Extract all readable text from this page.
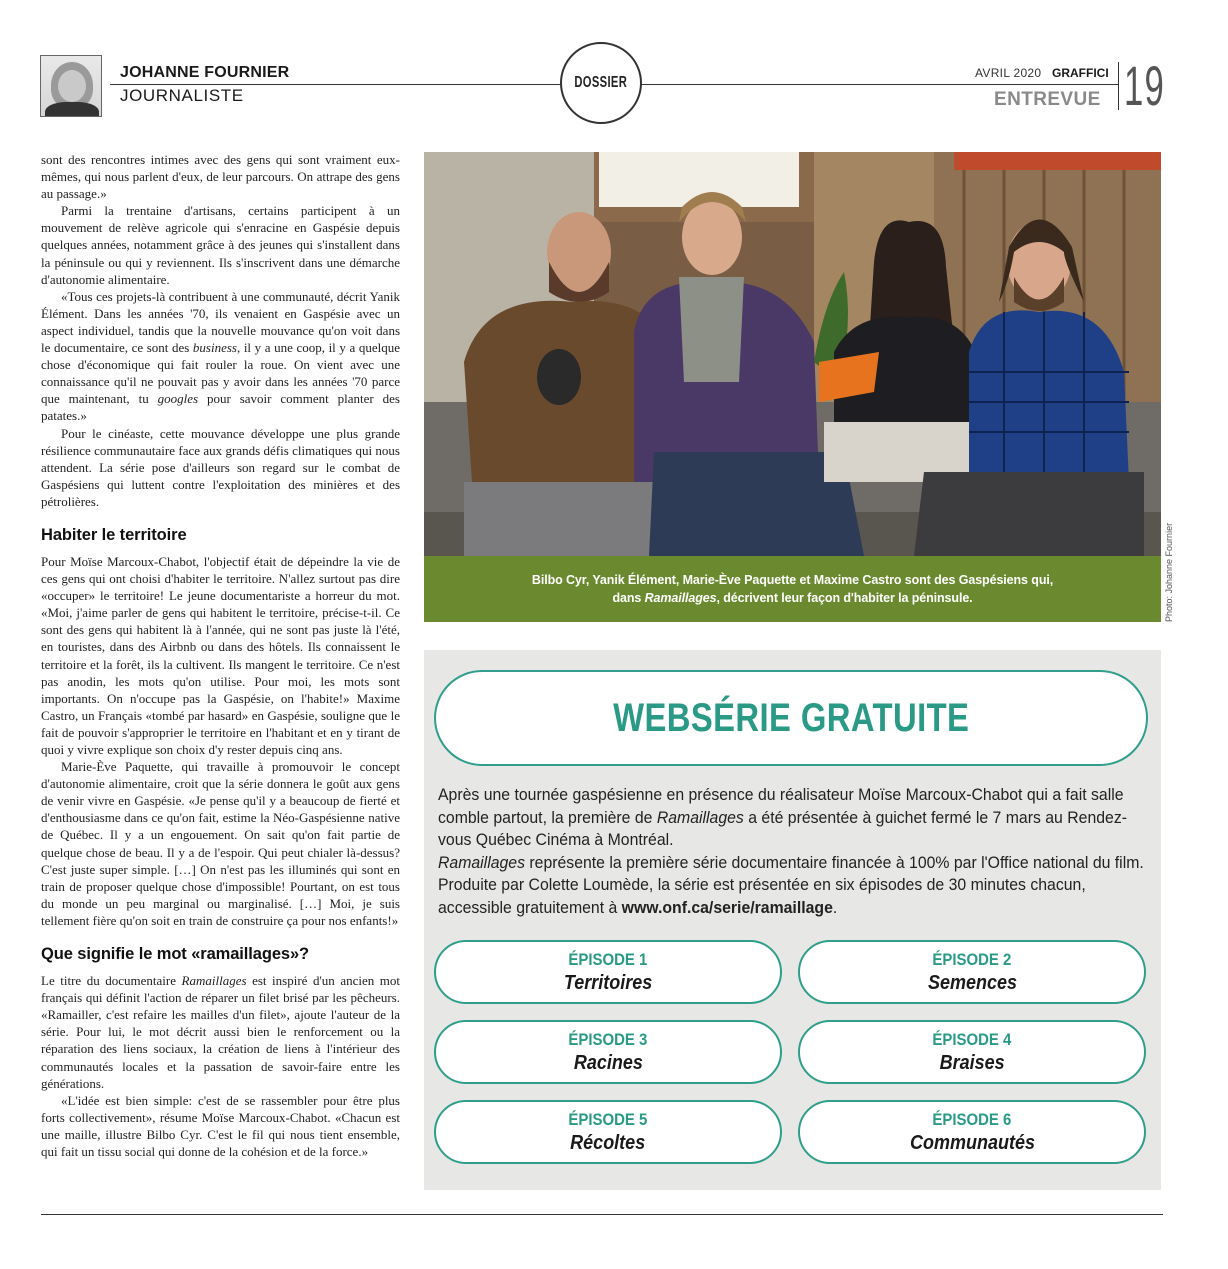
JOHANNE FOURNIER
JOURNALISTE
DOSSIER
AVRIL 2020 GRAFFICI
ENTREVUE 19

sont des rencontres intimes avec des gens qui sont vraiment eux-mêmes, qui nous parlent d'eux, de leur parcours. On attrape des gens au passage.»

Parmi la trentaine d'artisans, certains participent à un mouvement de relève agricole qui s'enracine en Gaspésie depuis quelques années, notamment grâce à des jeunes qui s'installent dans la péninsule ou qui y reviennent. Ils s'inscrivent dans une démarche d'autonomie alimentaire.

«Tous ces projets-là contribuent à une communauté, décrit Yanik Élément. Dans les années '70, ils venaient en Gaspésie avec un aspect individuel, tandis que la nouvelle mouvance qu'on voit dans le documentaire, ce sont des business, il y a une coop, il y a quelque chose d'économique qui fait rouler la roue. On vient avec une connaissance qu'il ne pouvait pas y avoir dans les années '70 parce que maintenant, tu googles pour savoir comment planter des patates.»

Pour le cinéaste, cette mouvance développe une plus grande résilience communautaire face aux grands défis climatiques qui nous attendent. La série pose d'ailleurs son regard sur le combat de Gaspésiens qui luttent contre l'exploitation des minières et des pétrolières.

Habiter le territoire

Pour Moïse Marcoux-Chabot, l'objectif était de dépeindre la vie de ces gens qui ont choisi d'habiter le territoire. N'allez surtout pas dire «occuper» le territoire! Le jeune documentariste a horreur du mot. «Moi, j'aime parler de gens qui habitent le territoire, précise-t-il. Ce sont des gens qui habitent là à l'année, qui ne sont pas juste là l'été, en touristes, dans des Airbnb ou dans des hôtels. Ils connaissent le territoire et la forêt, ils la cultivent. Ils mangent le territoire. Ce n'est pas anodin, les mots qu'on utilise. Pour moi, les mots sont importants. On n'occupe pas la Gaspésie, on l'habite!» Maxime Castro, un Français «tombé par hasard» en Gaspésie, souligne que le fait de pouvoir s'approprier le territoire en l'habitant et en y tirant de quoi y vivre explique son choix d'y rester depuis cinq ans.

Marie-Ève Paquette, qui travaille à promouvoir le concept d'autonomie alimentaire, croit que la série donnera le goût aux gens de venir vivre en Gaspésie. «Je pense qu'il y a beaucoup de fierté et d'enthousiasme dans ce qu'on fait, estime la Néo-Gaspésienne native de Québec. Il y a un engouement. On sait qu'on fait partie de quelque chose de beau. Il y a de l'espoir. Qui peut chialer là-dessus? C'est juste super simple. […] On n'est pas les illuminés qui sont en train de proposer quelque chose d'impossible! Pourtant, on est tous du monde un peu marginal ou marginalisé. […] Moi, je suis tellement fière qu'on soit en train de construire ça pour nos enfants!»

Que signifie le mot «ramaillages»?

Le titre du documentaire Ramaillages est inspiré d'un ancien mot français qui définit l'action de réparer un filet brisé par les pêcheurs. «Ramailler, c'est refaire les mailles d'un filet», ajoute l'auteur de la série. Pour lui, le mot décrit aussi bien le renforcement ou la réparation des liens sociaux, la création de liens à l'intérieur des communautés locales et la passation de savoir-faire entre les générations.

«L'idée est bien simple: c'est de se rassembler pour être plus forts collectivement», résume Moïse Marcoux-Chabot. «Chacun est une maille, illustre Bilbo Cyr. C'est le fil qui nous tient ensemble, qui fait un tissu social qui donne de la cohésion et de la force.»

Bilbo Cyr, Yanik Élément, Marie-Ève Paquette et Maxime Castro sont des Gaspésiens qui,
dans Ramaillages, décrivent leur façon d'habiter la péninsule.	Photo: Johanne Fournier
WEBSÉRIE GRATUITE
Après une tournée gaspésienne en présence du réalisateur Moïse Marcoux-Chabot qui a fait salle comble partout, la première de Ramaillages a été présentée à guichet fermé le 7 mars au Rendez-vous Québec Cinéma à Montréal.
Ramaillages représente la première série documentaire financée à 100% par l'Office national du film. Produite par Colette Loumède, la série est présentée en six épisodes de 30 minutes chacun, accessible gratuitement à www.onf.ca/serie/ramaillage.
ÉPISODE 1
Territoires
ÉPISODE 2
Semences
ÉPISODE 3
Racines
ÉPISODE 4
Braises
ÉPISODE 5
Récoltes
ÉPISODE 6
Communautés
